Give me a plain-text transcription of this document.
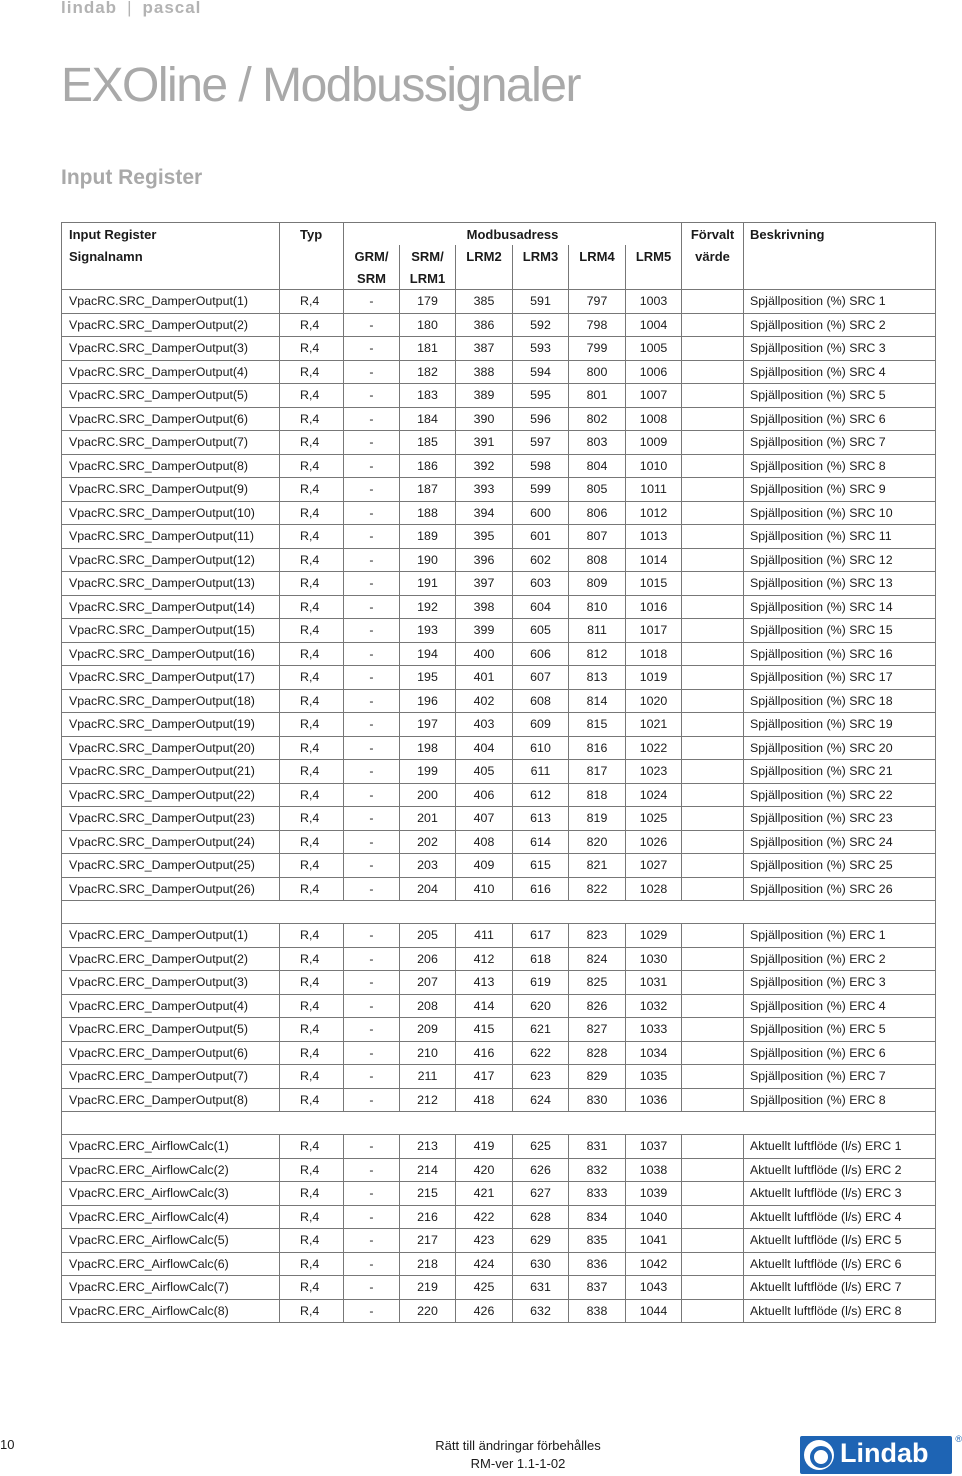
lindab | pascal
EXOline / Modbussignaler
Input Register
Input Register	Typ	Modbusadress						Förvalt	Beskrivning
Signalnamn		GRM/	SRM/	LRM2	LRM3	LRM4	LRM5	värde	
		SRM	LRM1						
VpacRC.SRC_DamperOutput(1)	R,4	-	179	385	591	797	1003		Spjällposition (%) SRC 1
VpacRC.SRC_DamperOutput(2)	R,4	-	180	386	592	798	1004		Spjällposition (%) SRC 2
VpacRC.SRC_DamperOutput(3)	R,4	-	181	387	593	799	1005		Spjällposition (%) SRC 3
VpacRC.SRC_DamperOutput(4)	R,4	-	182	388	594	800	1006		Spjällposition (%) SRC 4
VpacRC.SRC_DamperOutput(5)	R,4	-	183	389	595	801	1007		Spjällposition (%) SRC 5
VpacRC.SRC_DamperOutput(6)	R,4	-	184	390	596	802	1008		Spjällposition (%) SRC 6
VpacRC.SRC_DamperOutput(7)	R,4	-	185	391	597	803	1009		Spjällposition (%) SRC 7
VpacRC.SRC_DamperOutput(8)	R,4	-	186	392	598	804	1010		Spjällposition (%) SRC 8
VpacRC.SRC_DamperOutput(9)	R,4	-	187	393	599	805	1011		Spjällposition (%) SRC 9
VpacRC.SRC_DamperOutput(10)	R,4	-	188	394	600	806	1012		Spjällposition (%) SRC 10
VpacRC.SRC_DamperOutput(11)	R,4	-	189	395	601	807	1013		Spjällposition (%) SRC 11
VpacRC.SRC_DamperOutput(12)	R,4	-	190	396	602	808	1014		Spjällposition (%) SRC 12
VpacRC.SRC_DamperOutput(13)	R,4	-	191	397	603	809	1015		Spjällposition (%) SRC 13
VpacRC.SRC_DamperOutput(14)	R,4	-	192	398	604	810	1016		Spjällposition (%) SRC 14
VpacRC.SRC_DamperOutput(15)	R,4	-	193	399	605	811	1017		Spjällposition (%) SRC 15
VpacRC.SRC_DamperOutput(16)	R,4	-	194	400	606	812	1018		Spjällposition (%) SRC 16
VpacRC.SRC_DamperOutput(17)	R,4	-	195	401	607	813	1019		Spjällposition (%) SRC 17
VpacRC.SRC_DamperOutput(18)	R,4	-	196	402	608	814	1020		Spjällposition (%) SRC 18
VpacRC.SRC_DamperOutput(19)	R,4	-	197	403	609	815	1021		Spjällposition (%) SRC 19
VpacRC.SRC_DamperOutput(20)	R,4	-	198	404	610	816	1022		Spjällposition (%) SRC 20
VpacRC.SRC_DamperOutput(21)	R,4	-	199	405	611	817	1023		Spjällposition (%) SRC 21
VpacRC.SRC_DamperOutput(22)	R,4	-	200	406	612	818	1024		Spjällposition (%) SRC 22
VpacRC.SRC_DamperOutput(23)	R,4	-	201	407	613	819	1025		Spjällposition (%) SRC 23
VpacRC.SRC_DamperOutput(24)	R,4	-	202	408	614	820	1026		Spjällposition (%) SRC 24
VpacRC.SRC_DamperOutput(25)	R,4	-	203	409	615	821	1027		Spjällposition (%) SRC 25
VpacRC.SRC_DamperOutput(26)	R,4	-	204	410	616	822	1028		Spjällposition (%) SRC 26

VpacRC.ERC_DamperOutput(1)	R,4	-	205	411	617	823	1029		Spjällposition (%) ERC 1
VpacRC.ERC_DamperOutput(2)	R,4	-	206	412	618	824	1030		Spjällposition (%) ERC 2
VpacRC.ERC_DamperOutput(3)	R,4	-	207	413	619	825	1031		Spjällposition (%) ERC 3
VpacRC.ERC_DamperOutput(4)	R,4	-	208	414	620	826	1032		Spjällposition (%) ERC 4
VpacRC.ERC_DamperOutput(5)	R,4	-	209	415	621	827	1033		Spjällposition (%) ERC 5
VpacRC.ERC_DamperOutput(6)	R,4	-	210	416	622	828	1034		Spjällposition (%) ERC 6
VpacRC.ERC_DamperOutput(7)	R,4	-	211	417	623	829	1035		Spjällposition (%) ERC 7
VpacRC.ERC_DamperOutput(8)	R,4	-	212	418	624	830	1036		Spjällposition (%) ERC 8

VpacRC.ERC_AirflowCalc(1)	R,4	-	213	419	625	831	1037		Aktuellt luftflöde (l/s) ERC 1
VpacRC.ERC_AirflowCalc(2)	R,4	-	214	420	626	832	1038		Aktuellt luftflöde (l/s) ERC 2
VpacRC.ERC_AirflowCalc(3)	R,4	-	215	421	627	833	1039		Aktuellt luftflöde (l/s) ERC 3
VpacRC.ERC_AirflowCalc(4)	R,4	-	216	422	628	834	1040		Aktuellt luftflöde (l/s) ERC 4
VpacRC.ERC_AirflowCalc(5)	R,4	-	217	423	629	835	1041		Aktuellt luftflöde (l/s) ERC 5
VpacRC.ERC_AirflowCalc(6)	R,4	-	218	424	630	836	1042		Aktuellt luftflöde (l/s) ERC 6
VpacRC.ERC_AirflowCalc(7)	R,4	-	219	425	631	837	1043		Aktuellt luftflöde (l/s) ERC 7
VpacRC.ERC_AirflowCalc(8)	R,4	-	220	426	632	838	1044		Aktuellt luftflöde (l/s) ERC 8
10	Rätt till ändringar förbehålles
RM-ver 1.1-1-02	Lindab	®
